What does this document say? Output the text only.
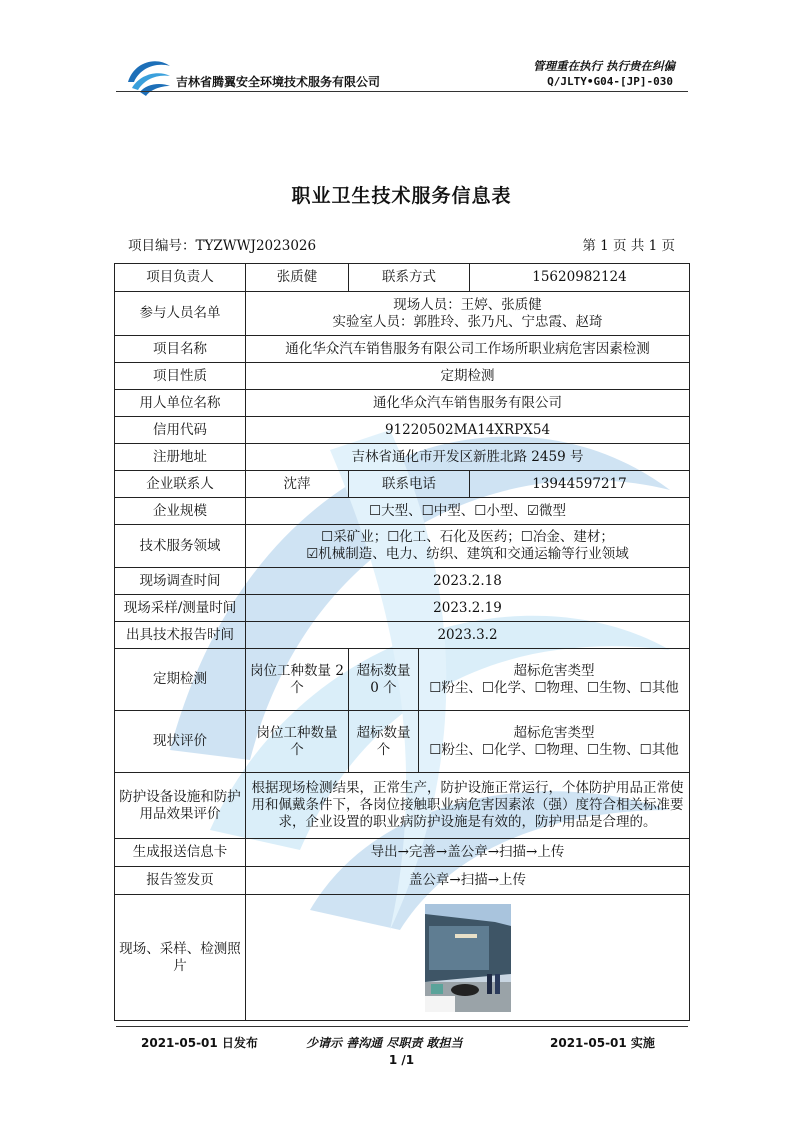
吉林省腾翼安全环境技术服务有限公司
管理重在执行 执行贵在纠偏
Q/JLTY•G04-[JP]-030
职业卫生技术服务信息表
项目编号：TYZWWJ2023026	第 1 页 共 1 页
项目负责人	张质健	联系方式		15620982124
参与人员名单	现场人员：王婷、张质健
实验室人员：郭胜玲、张乃凡、宁忠霞、赵琦			

项目名称	通化华众汽车销售服务有限公司工作场所职业病危害因素检测			
项目性质	定期检测			
用人单位名称	通化华众汽车销售服务有限公司			
信用代码	91220502MA14XRPX54			
注册地址	吉林省通化市开发区新胜北路 2459 号			
企业联系人	沈萍	联系电话		13944597217
企业规模	☐大型、☐中型、☐小型、☑微型			
技术服务领域	☐采矿业；☐化工、石化及医药；☐冶金、建材；
☑机械制造、电力、纺织、建筑和交通运输等行业领域			

现场调查时间	2023.2.18			
现场采样/测量时间	2023.2.19			
出具技术报告时间	2023.3.2			
定期检测	岗位工种数量 2 个	超标数量 0 个	超标危害类型
☐粉尘、☐化学、☐物理、☐生物、☐其他	

现状评价	岗位工种数量 个	超标数量 个	超标危害类型
☐粉尘、☐化学、☐物理、☐生物、☐其他	

防护设备设施和防护用品效果评价	根据现场检测结果，正常生产，防护设施正常运行，个体防护用品正常使用和佩戴条件下，各岗位接触职业病危害因素浓（强）度符合相关标准要求，企业设置的职业病防护设施是有效的，防护用品是合理的。			
生成报送信息卡	导出→完善→盖公章→扫描→上传			
报告签发页	盖公章→扫描→上传			
现场、采样、检测照片	
2021-05-01 日发布	少请示 善沟通 尽职责 敢担当	2021-05-01 实施
1 /1
